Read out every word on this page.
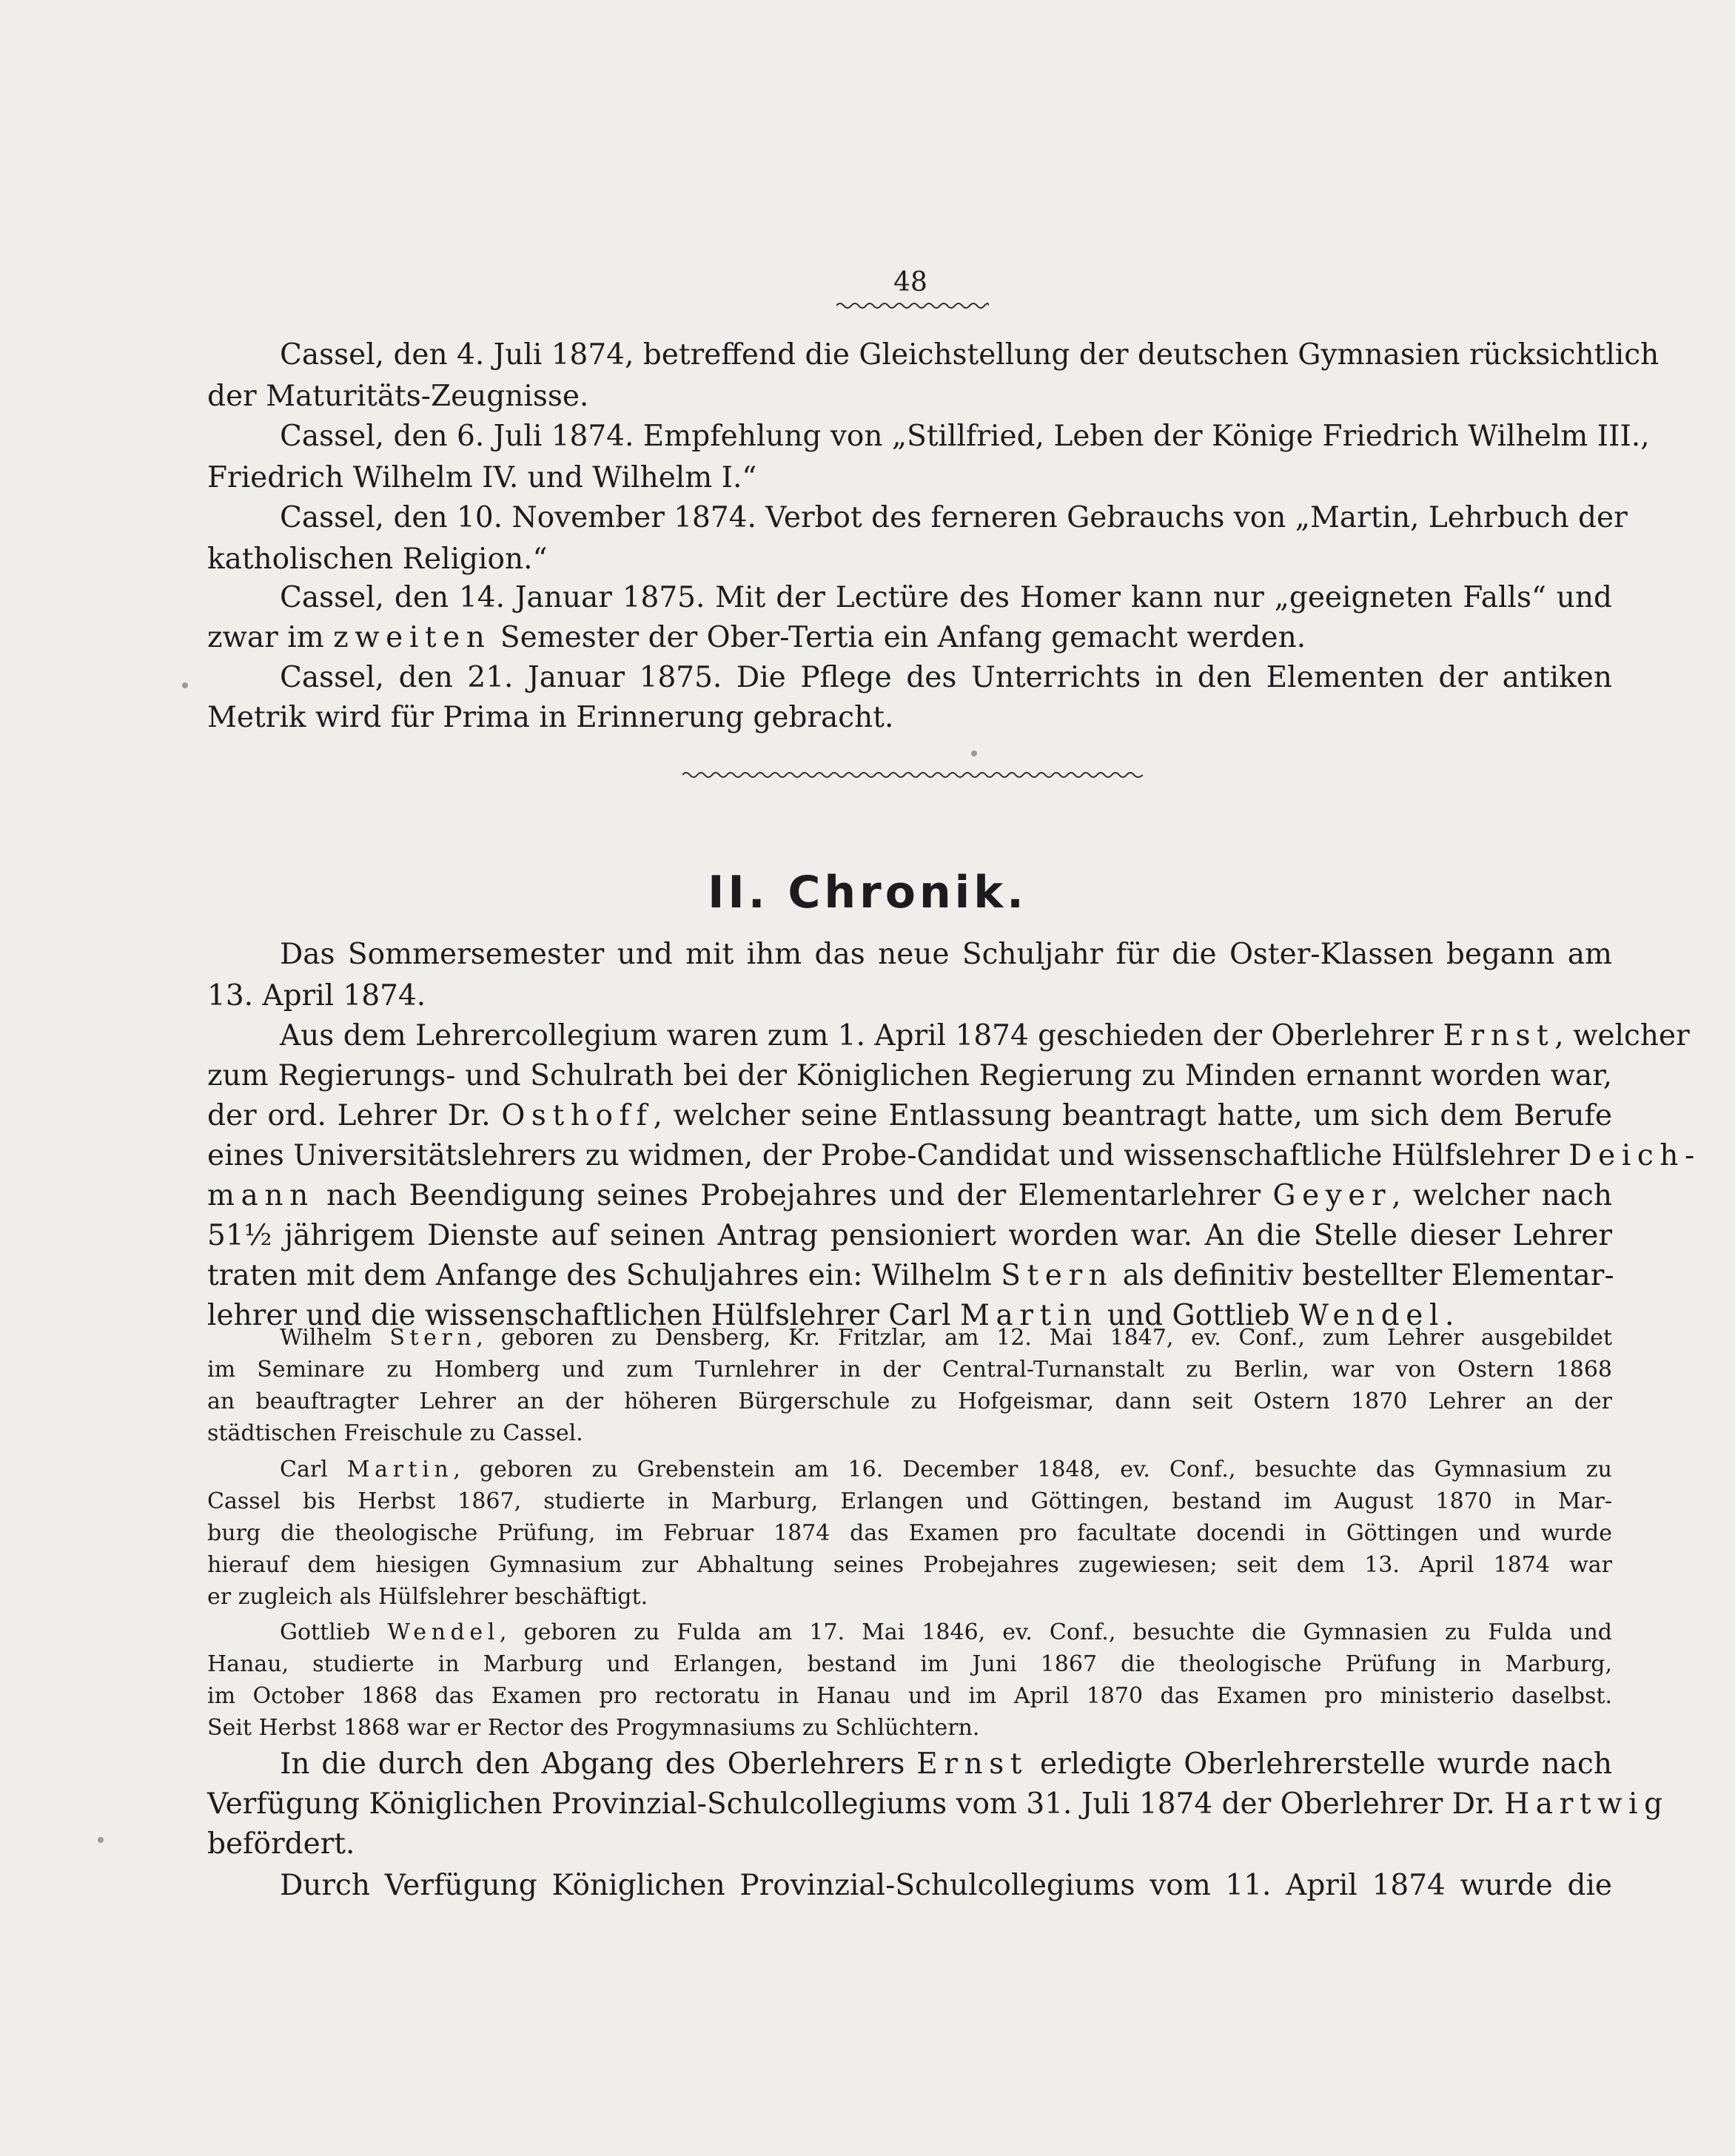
48
Cassel, den 4. Juli 1874, betreffend die Gleichstellung der deutschen Gymnasien rücksichtlich
der Maturitäts-Zeugnisse.
Cassel, den 6. Juli 1874. Empfehlung von „Stillfried, Leben der Könige Friedrich Wilhelm III.,
Friedrich Wilhelm IV. und Wilhelm I.“
Cassel, den 10. November 1874. Verbot des ferneren Gebrauchs von „Martin, Lehrbuch der
katholischen Religion.“
Cassel, den 14. Januar 1875. Mit der Lectüre des Homer kann nur „geeigneten Falls“ und
zwar im zweiten Semester der Ober-Tertia ein Anfang gemacht werden.
Cassel, den 21. Januar 1875. Die Pflege des Unterrichts in den Elementen der antiken
Metrik wird für Prima in Erinnerung gebracht.
II. Chronik.
Das Sommersemester und mit ihm das neue Schuljahr für die Oster-Klassen begann am
13. April 1874.
Aus dem Lehrercollegium waren zum 1. April 1874 geschieden der Oberlehrer Ernst, welcher
zum Regierungs- und Schulrath bei der Königlichen Regierung zu Minden ernannt worden war,
der ord. Lehrer Dr. Osthoff, welcher seine Entlassung beantragt hatte, um sich dem Berufe
eines Universitätslehrers zu widmen, der Probe-Candidat und wissenschaftliche Hülfslehrer Deich-
mann nach Beendigung seines Probejahres und der Elementarlehrer Geyer, welcher nach
51½ jährigem Dienste auf seinen Antrag pensioniert worden war. An die Stelle dieser Lehrer
traten mit dem Anfange des Schuljahres ein: Wilhelm Stern als definitiv bestellter Elementar-
lehrer und die wissenschaftlichen Hülfslehrer Carl Martin und Gottlieb Wendel.
Wilhelm Stern, geboren zu Densberg, Kr. Fritzlar, am 12. Mai 1847, ev. Conf., zum Lehrer ausgebildet
im Seminare zu Homberg und zum Turnlehrer in der Central-Turnanstalt zu Berlin, war von Ostern 1868
an beauftragter Lehrer an der höheren Bürgerschule zu Hofgeismar, dann seit Ostern 1870 Lehrer an der
städtischen Freischule zu Cassel.
Carl Martin, geboren zu Grebenstein am 16. December 1848, ev. Conf., besuchte das Gymnasium zu
Cassel bis Herbst 1867, studierte in Marburg, Erlangen und Göttingen, bestand im August 1870 in Mar-
burg die theologische Prüfung, im Februar 1874 das Examen pro facultate docendi in Göttingen und wurde
hierauf dem hiesigen Gymnasium zur Abhaltung seines Probejahres zugewiesen; seit dem 13. April 1874 war
er zugleich als Hülfslehrer beschäftigt.
Gottlieb Wendel, geboren zu Fulda am 17. Mai 1846, ev. Conf., besuchte die Gymnasien zu Fulda und
Hanau, studierte in Marburg und Erlangen, bestand im Juni 1867 die theologische Prüfung in Marburg,
im October 1868 das Examen pro rectoratu in Hanau und im April 1870 das Examen pro ministerio daselbst.
Seit Herbst 1868 war er Rector des Progymnasiums zu Schlüchtern.
In die durch den Abgang des Oberlehrers Ernst erledigte Oberlehrerstelle wurde nach
Verfügung Königlichen Provinzial-Schulcollegiums vom 31. Juli 1874 der Oberlehrer Dr. Hartwig
befördert.
Durch Verfügung Königlichen Provinzial-Schulcollegiums vom 11. April 1874 wurde die
